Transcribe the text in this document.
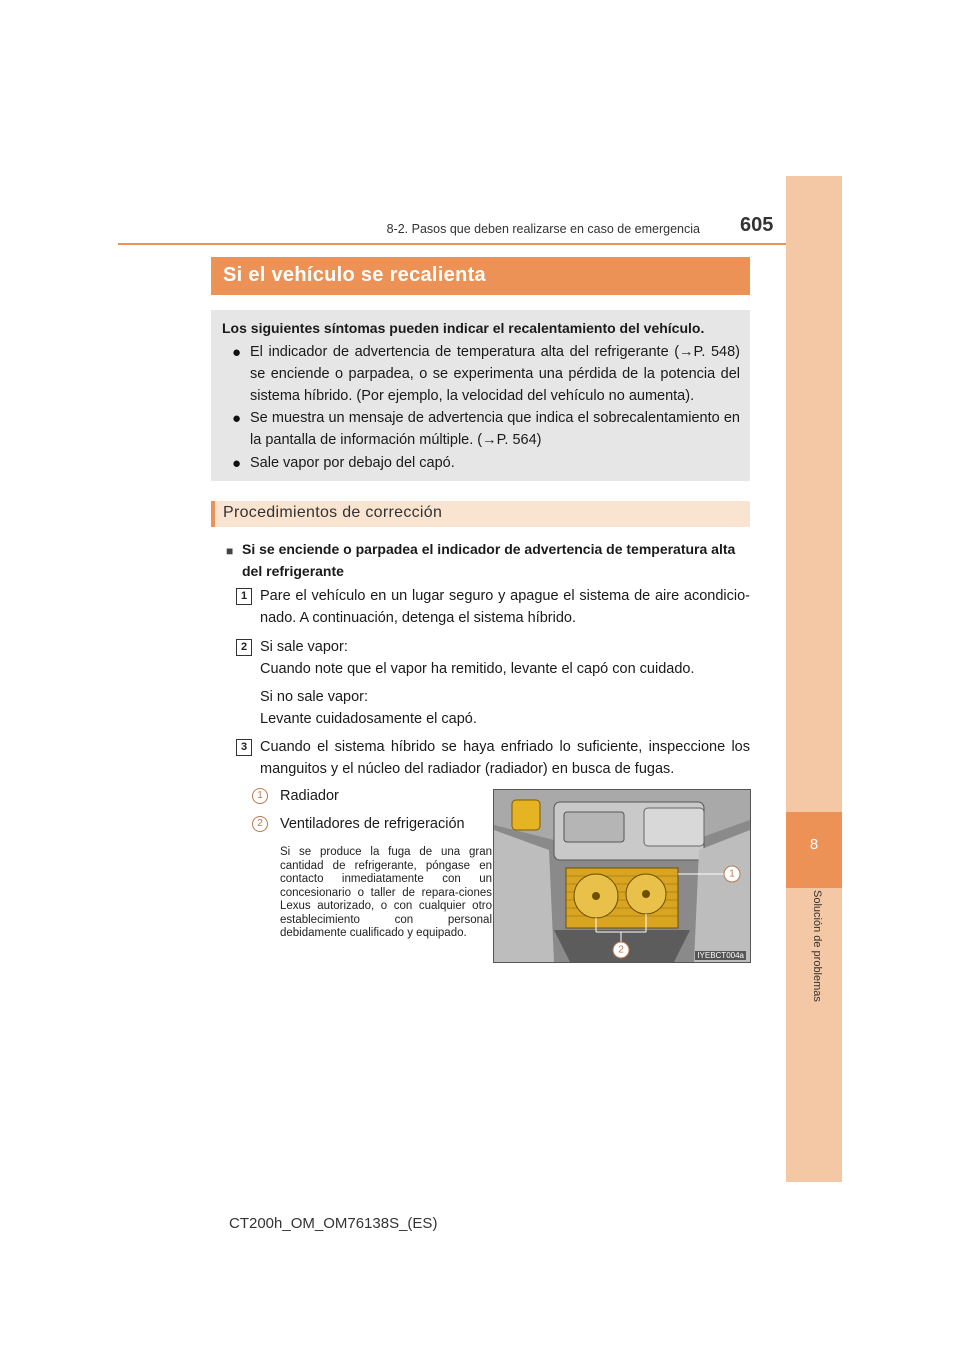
8
Solución de problemas
8-2. Pasos que deben realizarse en caso de emergencia 605
Si el vehículo se recalienta
Los siguientes síntomas pueden indicar el recalentamiento del vehículo.
● El indicador de advertencia de temperatura alta del refrigerante (→P. 548) se enciende o parpadea, o se experimenta una pérdida de la potencia del sistema híbrido. (Por ejemplo, la velocidad del vehículo no aumenta).
● Se muestra un mensaje de advertencia que indica el sobrecalentamiento en la pantalla de información múltiple. (→P. 564)
● Sale vapor por debajo del capó.
Procedimientos de corrección
■ Si se enciende o parpadea el indicador de advertencia de temperatura alta del refrigerante
1 Pare el vehículo en un lugar seguro y apague el sistema de aire acondicio-nado. A continuación, detenga el sistema híbrido.
2 Si sale vapor:
Cuando note que el vapor ha remitido, levante el capó con cuidado.
Si no sale vapor:
Levante cuidadosamente el capó.
3 Cuando el sistema híbrido se haya enfriado lo suficiente, inspeccione los manguitos y el núcleo del radiador (radiador) en busca de fugas.
1	Radiador
2	Ventiladores de refrigeración
Si se produce la fuga de una gran cantidad de refrigerante, póngase en contacto inmediatamente con un concesionario o taller de repara-ciones Lexus autorizado, o con cualquier otro establecimiento con personal debidamente cualificado y equipado.
1
2	IYEBCT004a
CT200h_OM_OM76138S_(ES)
